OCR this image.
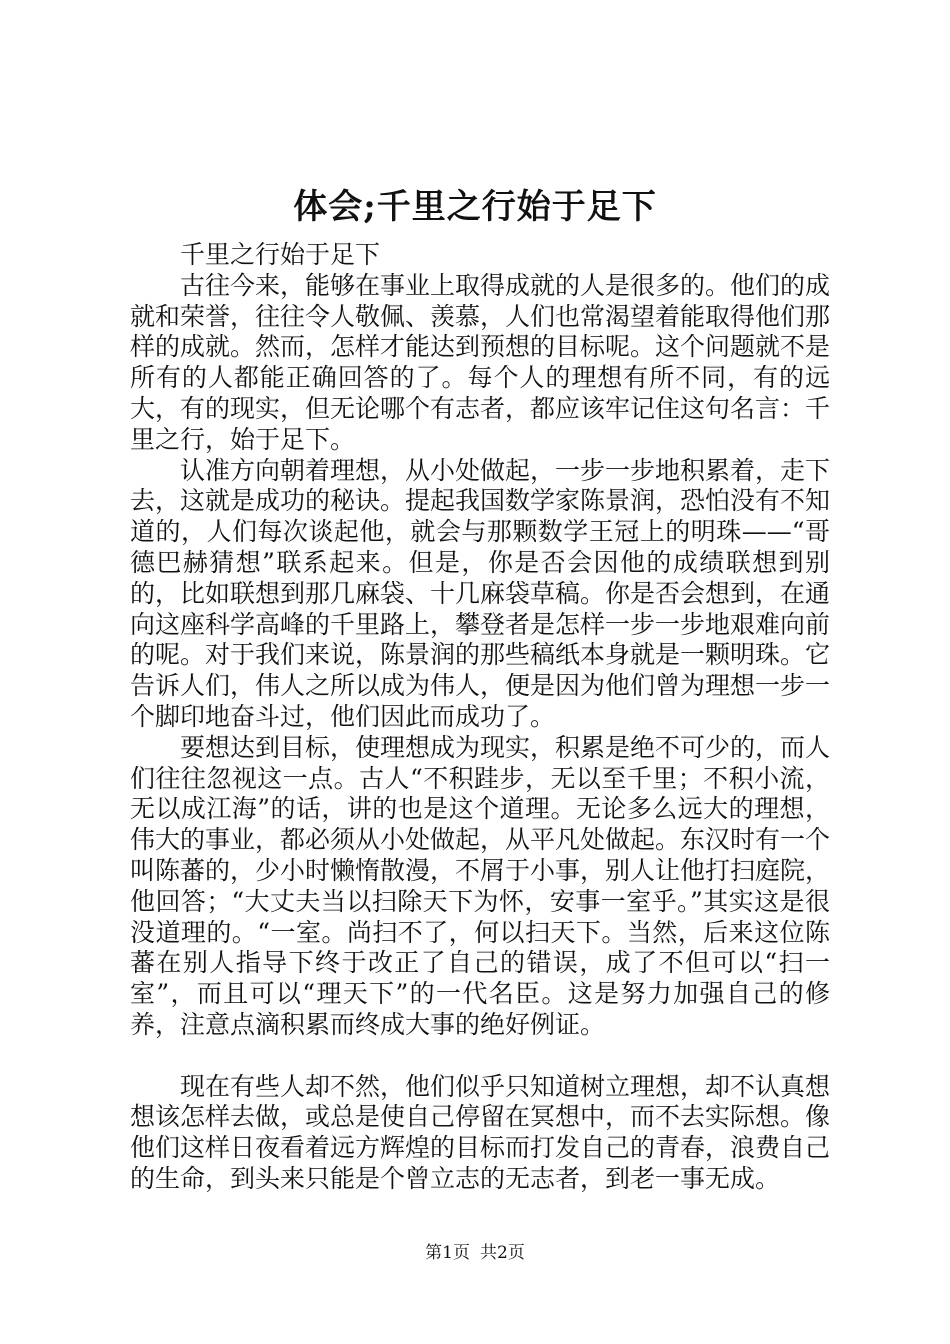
体会;千里之行始于足下

千里之行始于足下

古往今来，能够在事业上取得成就的人是很多的。他们的成就和荣誉，往往令人敬佩、羡慕，人们也常渴望着能取得他们那样的成就。然而，怎样才能达到预想的目标呢。这个问题就不是所有的人都能正确回答的了。每个人的理想有所不同，有的远大，有的现实，但无论哪个有志者，都应该牢记住这句名言：千里之行，始于足下。

认准方向朝着理想，从小处做起，一步一步地积累着，走下去，这就是成功的秘诀。提起我国数学家陈景润，恐怕没有不知道的，人们每次谈起他，就会与那颗数学王冠上的明珠——“哥德巴赫猜想”联系起来。但是，你是否会因他的成绩联想到别的，比如联想到那几麻袋、十几麻袋草稿。你是否会想到，在通向这座科学高峰的千里路上，攀登者是怎样一步一步地艰难向前的呢。对于我们来说，陈景润的那些稿纸本身就是一颗明珠。它告诉人们，伟人之所以成为伟人，便是因为他们曾为理想一步一个脚印地奋斗过，他们因此而成功了。

要想达到目标，使理想成为现实，积累是绝不可少的，而人们往往忽视这一点。古人“不积跬步，无以至千里；不积小流，无以成江海”的话，讲的也是这个道理。无论多么远大的理想，伟大的事业，都必须从小处做起，从平凡处做起。东汉时有一个叫陈蕃的，少小时懒惰散漫，不屑于小事，别人让他打扫庭院，他回答；“大丈夫当以扫除天下为怀，安事一室乎。”其实这是很没道理的。“一室。尚扫不了，何以扫天下。当然，后来这位陈蕃在别人指导下终于改正了自己的错误，成了不但可以“扫一室”，而且可以“理天下”的一代名臣。这是努力加强自己的修养，注意点滴积累而终成大事的绝好例证。

现在有些人却不然，他们似乎只知道树立理想，却不认真想想该怎样去做，或总是使自己停留在冥想中，而不去实际想。像他们这样日夜看着远方辉煌的目标而打发自己的青春，浪费自己的生命，到头来只能是个曾立志的无志者，到老一事无成。

第1页 共2页
